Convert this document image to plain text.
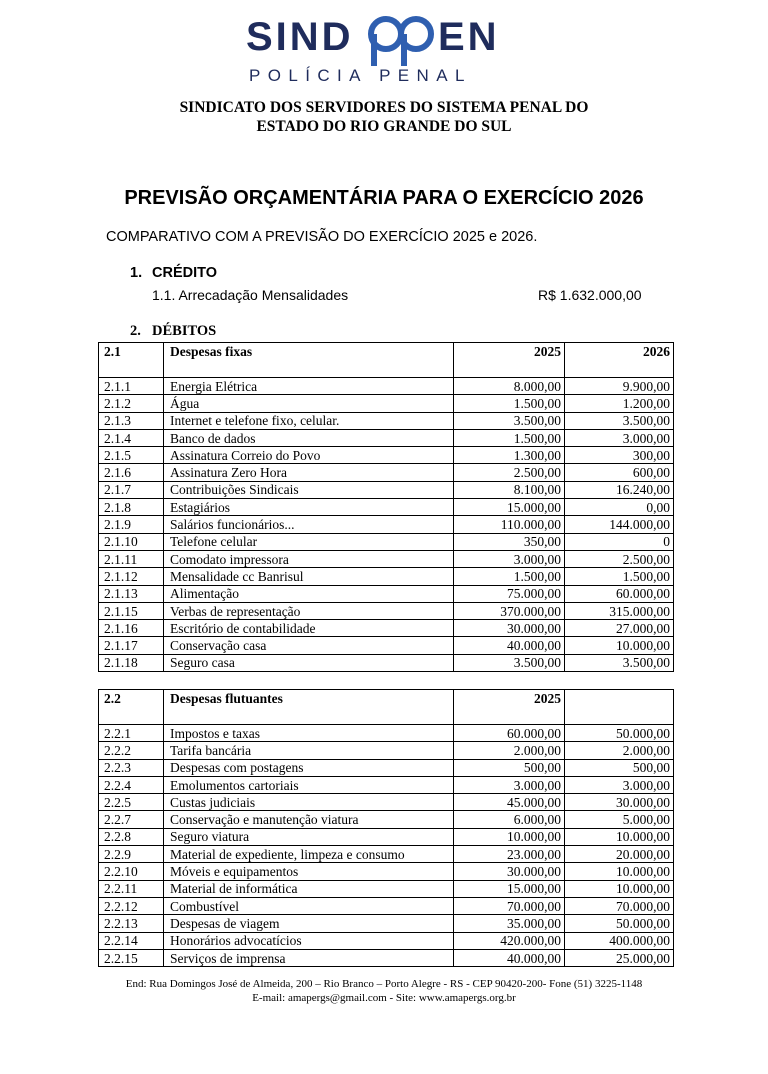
SIND EN
POLÍCIA PENAL
SINDICATO DOS SERVIDORES DO SISTEMA PENAL DO
ESTADO DO RIO GRANDE DO SUL
PREVISÃO ORÇAMENTÁRIA PARA O EXERCÍCIO 2026
COMPARATIVO COM A PREVISÃO DO EXERCÍCIO 2025 e 2026.
1. CRÉDITO
1.1. Arrecadação Mensalidades	R$ 1.632.000,00
2. DÉBITOS
2.1	Despesas fixas	2025	2026
2.1.1	Energia Elétrica	8.000,00	9.900,00
2.1.2	Água	1.500,00	1.200,00
2.1.3	Internet e telefone fixo, celular.	3.500,00	3.500,00
2.1.4	Banco de dados	1.500,00	3.000,00
2.1.5	Assinatura Correio do Povo	1.300,00	300,00
2.1.6	Assinatura Zero Hora	2.500,00	600,00
2.1.7	Contribuições Sindicais	8.100,00	16.240,00
2.1.8	Estagiários	15.000,00	0,00
2.1.9	Salários funcionários...	110.000,00	144.000,00
2.1.10	Telefone celular	350,00	0
2.1.11	Comodato impressora	3.000,00	2.500,00
2.1.12	Mensalidade cc Banrisul	1.500,00	1.500,00
2.1.13	Alimentação	75.000,00	60.000,00
2.1.15	Verbas de representação	370.000,00	315.000,00
2.1.16	Escritório de contabilidade	30.000,00	27.000,00
2.1.17	Conservação casa	40.000,00	10.000,00
2.1.18	Seguro casa	3.500,00	3.500,00
2.2	Despesas flutuantes	2025	
2.2.1	Impostos e taxas	60.000,00	50.000,00
2.2.2	Tarifa bancária	2.000,00	2.000,00
2.2.3	Despesas com postagens	500,00	500,00
2.2.4	Emolumentos cartoriais	3.000,00	3.000,00
2.2.5	Custas judiciais	45.000,00	30.000,00
2.2.7	Conservação e manutenção viatura	6.000,00	5.000,00
2.2.8	Seguro viatura	10.000,00	10.000,00
2.2.9	Material de expediente, limpeza e consumo	23.000,00	20.000,00
2.2.10	Móveis e equipamentos	30.000,00	10.000,00
2.2.11	Material de informática	15.000,00	10.000,00
2.2.12	Combustível	70.000,00	70.000,00
2.2.13	Despesas de viagem	35.000,00	50.000,00
2.2.14	Honorários advocatícios	420.000,00	400.000,00
2.2.15	Serviços de imprensa	40.000,00	25.000,00
End: Rua Domingos José de Almeida, 200 – Rio Branco – Porto Alegre - RS - CEP 90420-200- Fone (51) 3225-1148
E-mail: amapergs@gmail.com - Site: www.amapergs.org.br
